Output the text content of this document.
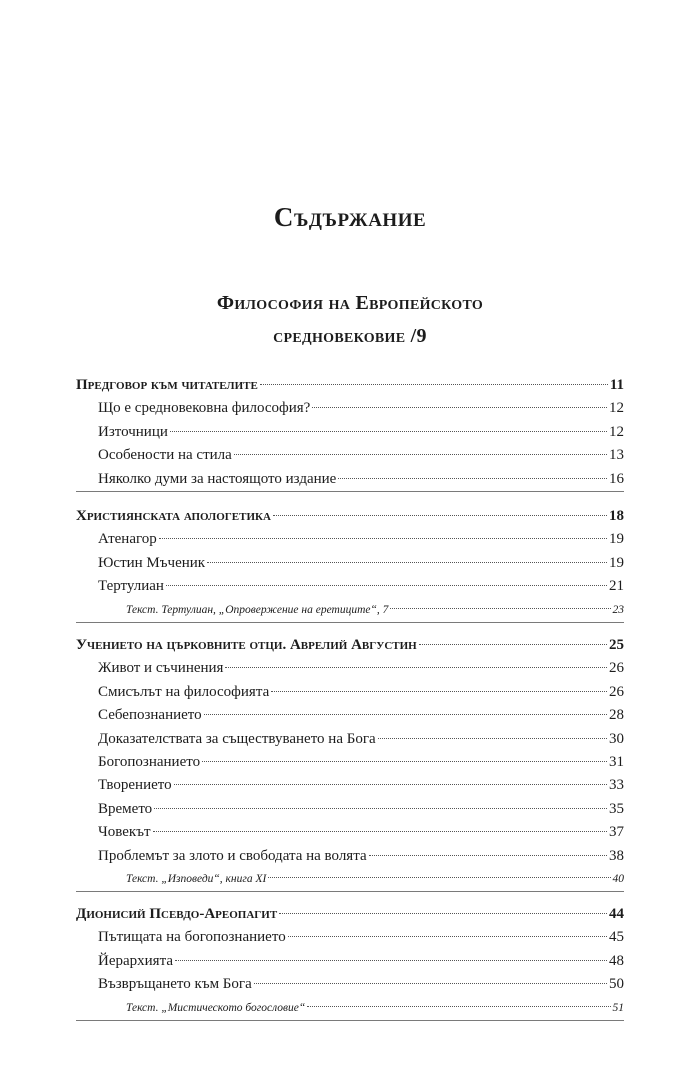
Съдържание
Философия на Европейското
средновековие /9
Предговор към читателите	11
Що е средновековна философия?	12
Източници	12
Особености на стила	13
Няколко думи за настоящото издание	16
Християнската апологетика	18
Атенагор	19
Юстин Мъченик	19
Тертулиан	21
Текст. Тертулиан, „Опровержение на еретиците“, 7	23
Учението на църковните отци. Аврелий Августин	25
Живот и съчинения	26
Смисълът на философията	26
Себепознанието	28
Доказателствата за съществуването на Бога	30
Богопознанието	31
Творението	33
Времето	35
Човекът	37
Проблемът за злото и свободата на волята	38
Текст. „Изповеди“, книга XI	40
Дионисий Псевдо-Ареопагит	44
Пътищата на богопознанието	45
Йерархията	48
Възвръщането към Бога	50
Текст. „Мистическото богословие“	51
